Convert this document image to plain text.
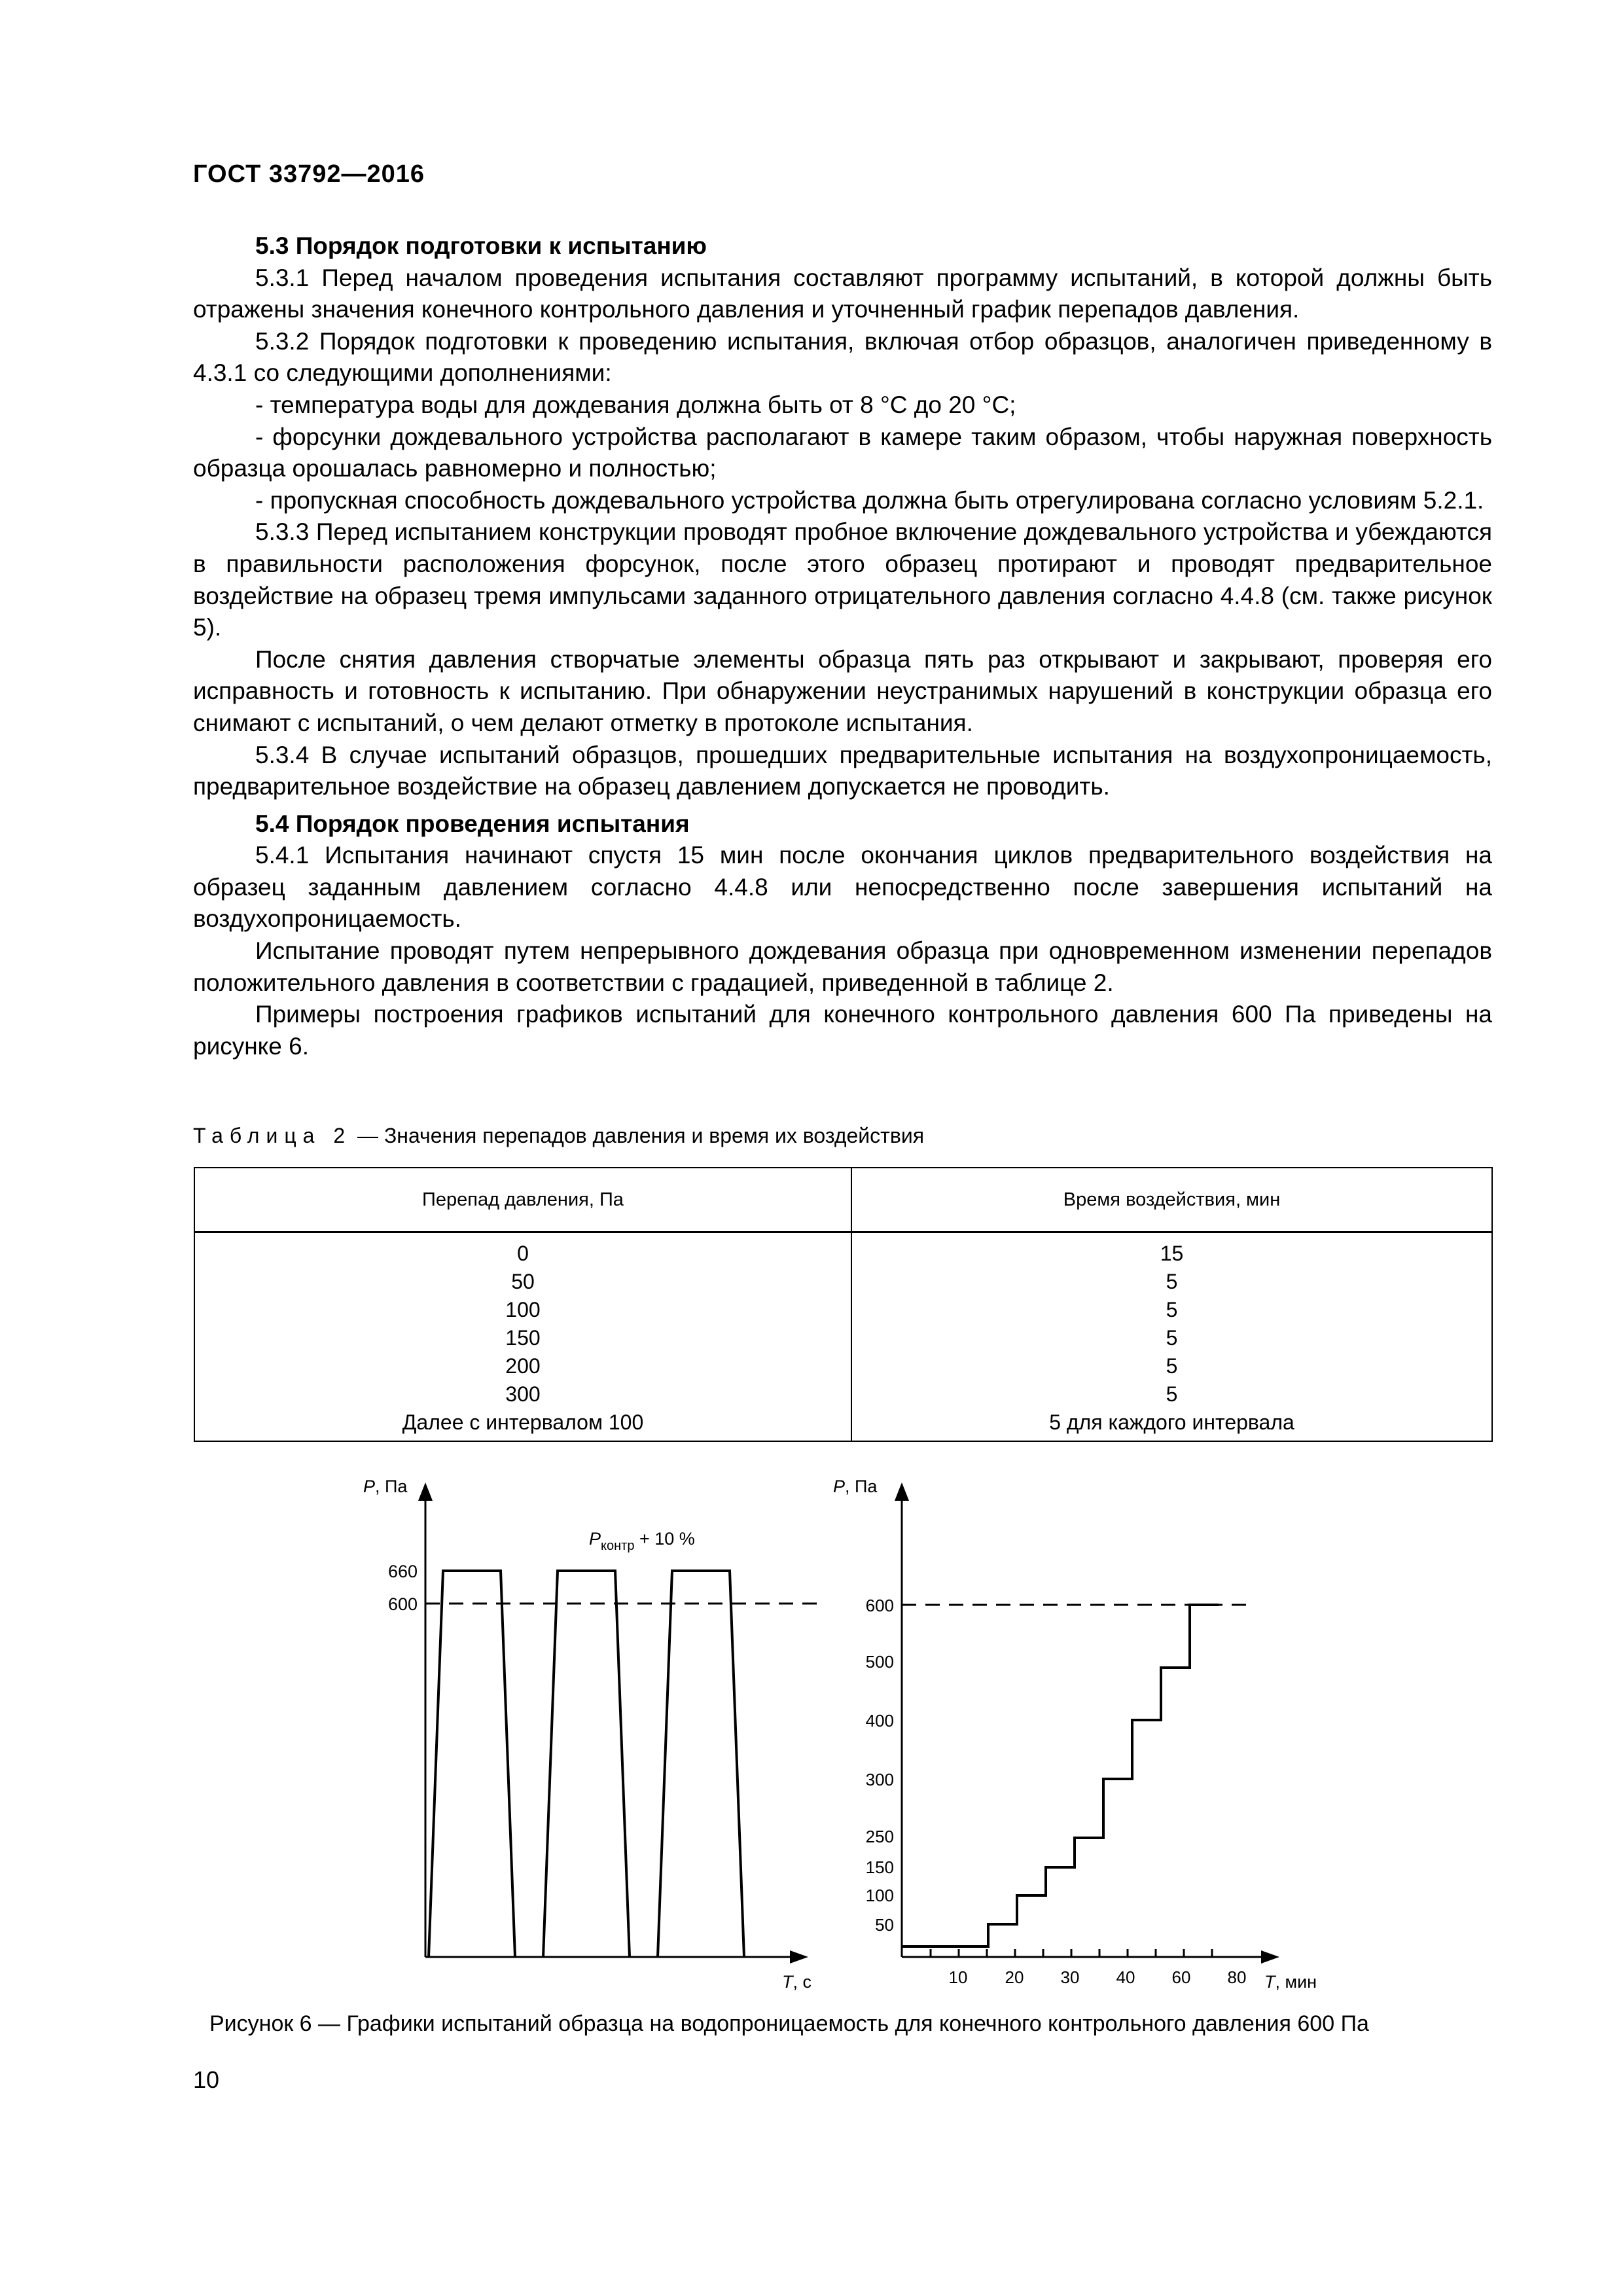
ГОСТ 33792—2016

5.3 Порядок подготовки к испытанию

5.3.1 Перед началом проведения испытания составляют программу испытаний, в которой должны быть отражены значения конечного контрольного давления и уточненный график перепадов давления.

5.3.2 Порядок подготовки к проведению испытания, включая отбор образцов, аналогичен приведенному в 4.3.1 со следующими дополнениями:

- температура воды для дождевания должна быть от 8 °С до 20 °С;

- форсунки дождевального устройства располагают в камере таким образом, чтобы наружная поверхность образца орошалась равномерно и полностью;

- пропускная способность дождевального устройства должна быть отрегулирована согласно условиям 5.2.1.

5.3.3 Перед испытанием конструкции проводят пробное включение дождевального устройства и убеждаются в правильности расположения форсунок, после этого образец протирают и проводят предварительное воздействие на образец тремя импульсами заданного отрицательного давления согласно 4.4.8 (см. также рисунок 5).

После снятия давления створчатые элементы образца пять раз открывают и закрывают, проверяя его исправность и готовность к испытанию. При обнаружении неустранимых нарушений в конструкции образца его снимают с испытаний, о чем делают отметку в протоколе испытания.

5.3.4 В случае испытаний образцов, прошедших предварительные испытания на воздухопроницаемость, предварительное воздействие на образец давлением допускается не проводить.

5.4 Порядок проведения испытания

5.4.1 Испытания начинают спустя 15 мин после окончания циклов предварительного воздействия на образец заданным давлением согласно 4.4.8 или непосредственно после завершения испытаний на воздухопроницаемость.

Испытание проводят путем непрерывного дождевания образца при одновременном изменении перепадов положительного давления в соответствии с градацией, приведенной в таблице 2.

Примеры построения графиков испытаний для конечного контрольного давления 600 Па приведены на рисунке 6.

Таблица 2 — Значения перепадов давления и время их воздействия
Перепад давления, Па	Время воздействия, мин
0	15
50	5
100	5
150	5
200	5
300	5
Далее с интервалом 100	5 для каждого интервала
P, Па
T, с
660
600
$P_{контр} + 10$ %
P, Па
T, мин
600
500
400
300
250
150
100
50
10 20 30 40 60 80
Рисунок 6 — Графики испытаний образца на водопроницаемость для конечного контрольного давления 600 Па
10
